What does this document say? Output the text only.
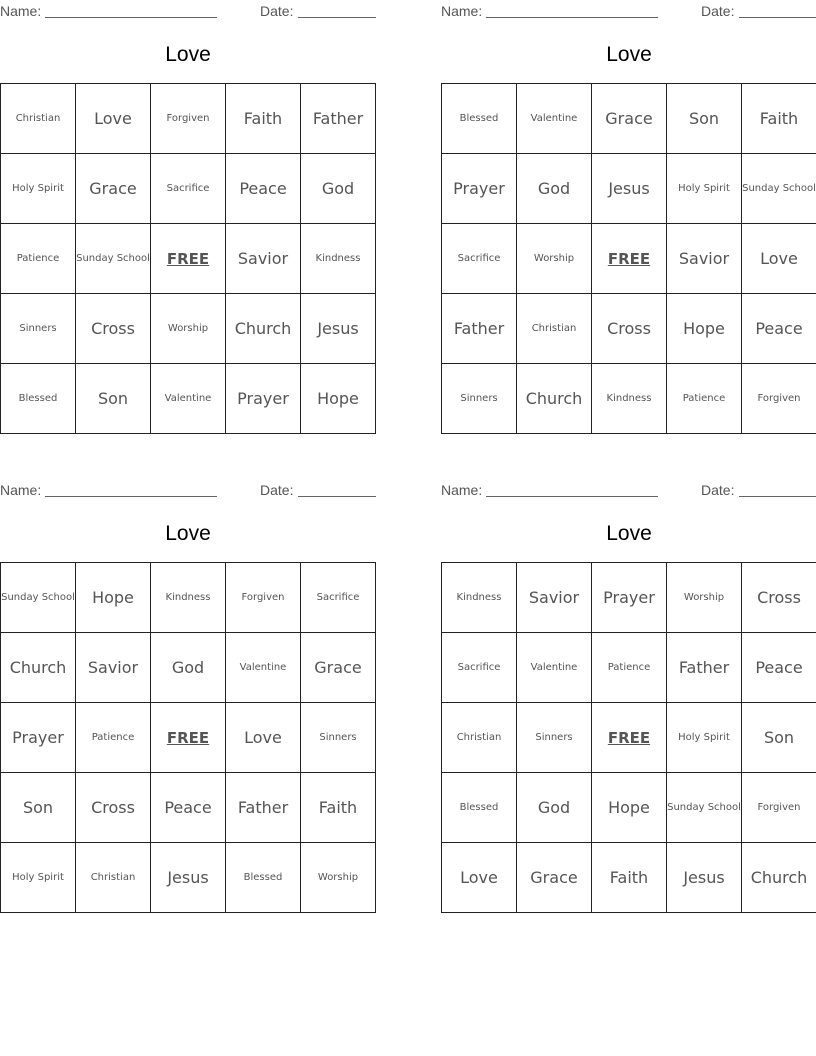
Name:	Date:
Love
Christian	Love	Forgiven	Faith	Father
Holy Spirit	Grace	Sacrifice	Peace	God
Patience	Sunday School	FREE	Savior	Kindness
Sinners	Cross	Worship	Church	Jesus
Blessed	Son	Valentine	Prayer	Hope
Name:	Date:
Love
Blessed	Valentine	Grace	Son	Faith
Prayer	God	Jesus	Holy Spirit	Sunday School
Sacrifice	Worship	FREE	Savior	Love
Father	Christian	Cross	Hope	Peace
Sinners	Church	Kindness	Patience	Forgiven
Name:	Date:
Love
Sunday School	Hope	Kindness	Forgiven	Sacrifice
Church	Savior	God	Valentine	Grace
Prayer	Patience	FREE	Love	Sinners
Son	Cross	Peace	Father	Faith
Holy Spirit	Christian	Jesus	Blessed	Worship
Name:	Date:
Love
Kindness	Savior	Prayer	Worship	Cross
Sacrifice	Valentine	Patience	Father	Peace
Christian	Sinners	FREE	Holy Spirit	Son
Blessed	God	Hope	Sunday School	Forgiven
Love	Grace	Faith	Jesus	Church
